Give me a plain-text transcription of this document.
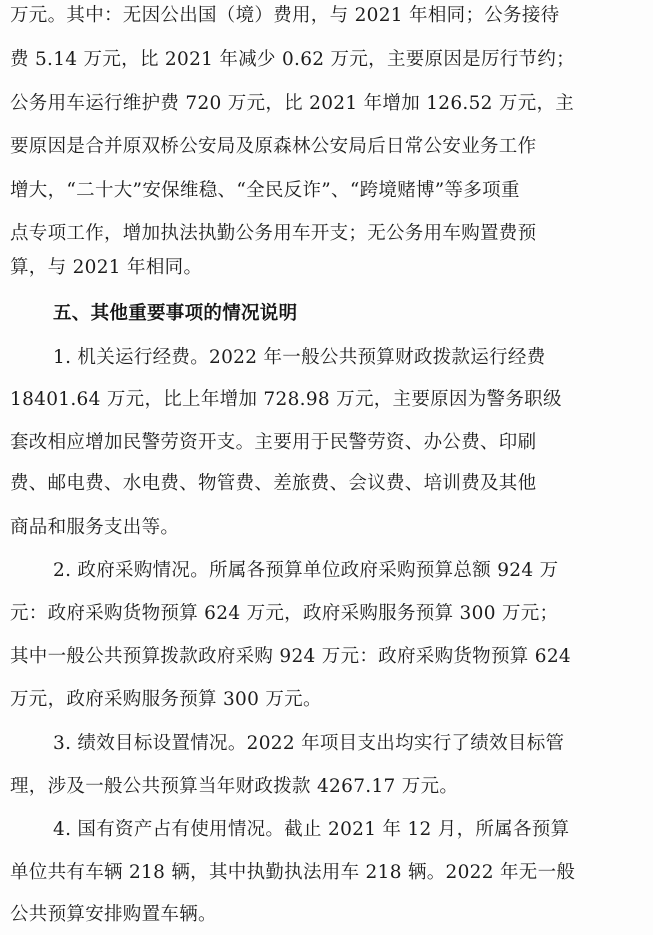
万元。其中：无因公出国（境）费用，与 2021 年相同；公务接待
费 5.14 万元，比 2021 年减少 0.62 万元，主要原因是厉行节约；
公务用车运行维护费 720 万元，比 2021 年增加 126.52 万元，主
要原因是合并原双桥公安局及原森林公安局后日常公安业务工作
增大，“二十大”安保维稳、“全民反诈”、“跨境赌博”等多项重
点专项工作，增加执法执勤公务用车开支；无公务用车购置费预
算，与 2021 年相同。
五、其他重要事项的情况说明
1. 机关运行经费。2022 年一般公共预算财政拨款运行经费
18401.64 万元，比上年增加 728.98 万元，主要原因为警务职级
套改相应增加民警劳资开支。主要用于民警劳资、办公费、印刷
费、邮电费、水电费、物管费、差旅费、会议费、培训费及其他
商品和服务支出等。
2. 政府采购情况。所属各预算单位政府采购预算总额 924 万
元：政府采购货物预算 624 万元，政府采购服务预算 300 万元；
其中一般公共预算拨款政府采购 924 万元：政府采购货物预算 624
万元，政府采购服务预算 300 万元。
3. 绩效目标设置情况。2022 年项目支出均实行了绩效目标管
理，涉及一般公共预算当年财政拨款 4267.17 万元。
4. 国有资产占有使用情况。截止 2021 年 12 月，所属各预算
单位共有车辆 218 辆，其中执勤执法用车 218 辆。2022 年无一般
公共预算安排购置车辆。
